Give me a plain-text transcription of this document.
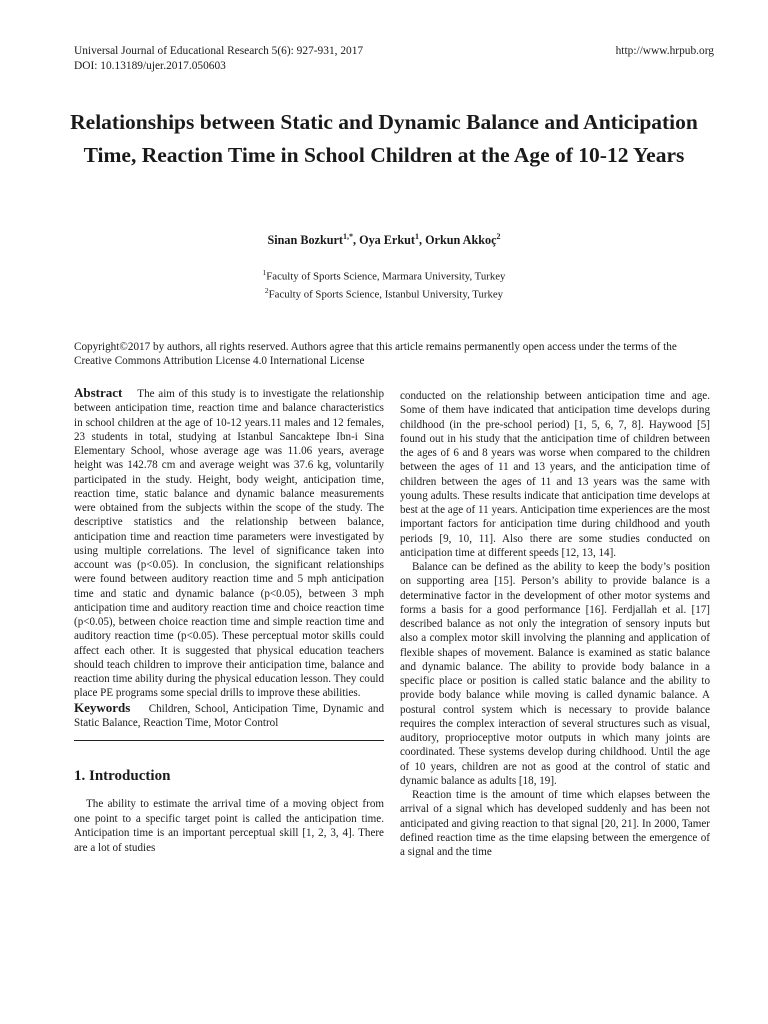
Universal Journal of Educational Research 5(6): 927-931, 2017
DOI: 10.13189/ujer.2017.050603
http://www.hrpub.org
Relationships between Static and Dynamic Balance and Anticipation Time, Reaction Time in School Children at the Age of 10-12 Years
Sinan Bozkurt$^{1,*}$, Oya Erkut$^1$, Orkun Akkoç$^2$
$^1$Faculty of Sports Science, Marmara University, Turkey
$^2$Faculty of Sports Science, Istanbul University, Turkey
Copyright©2017 by authors, all rights reserved. Authors agree that this article remains permanently open access under the terms of the Creative Commons Attribution License 4.0 International License

Abstract The aim of this study is to investigate the relationship between anticipation time, reaction time and balance characteristics in school children at the age of 10-12 years.11 males and 12 females, 23 students in total, studying at Istanbul Sancaktepe Ibn-i Sina Elementary School, whose average age was 11.06 years, average height was 142.78 cm and average weight was 37.6 kg, voluntarily participated in the study. Height, body weight, anticipation time, reaction time, static balance and dynamic balance measurements were obtained from the subjects within the scope of the study. The descriptive statistics and the relationship between balance, anticipation time and reaction time parameters were investigated by using multiple correlations. The level of significance taken into account was (p<0.05). In conclusion, the significant relationships were found between auditory reaction time and 5 mph anticipation time and static and dynamic balance (p<0.05), between 3 mph anticipation time and auditory reaction time and choice reaction time (p<0.05), between choice reaction time and simple reaction time and auditory reaction time (p<0.05). These perceptual motor skills could affect each other. It is suggested that physical education teachers should teach children to improve their anticipation time, balance and reaction time ability during the physical education lesson. They could place PE programs some special drills to improve these abilities.

Keywords Children, School, Anticipation Time, Dynamic and Static Balance, Reaction Time, Motor Control

1. Introduction

The ability to estimate the arrival time of a moving object from one point to a specific target point is called the anticipation time. Anticipation time is an important perceptual skill [1, 2, 3, 4]. There are a lot of studies

conducted on the relationship between anticipation time and age. Some of them have indicated that anticipation time develops during childhood (in the pre-school period) [1, 5, 6, 7, 8]. Haywood [5] found out in his study that the anticipation time of children between the ages of 6 and 8 years was worse when compared to the children between the ages of 11 and 13 years, and the anticipation time of children between the ages of 11 and 13 years was the same with young adults. These results indicate that anticipation time develops at best at the age of 11 years. Anticipation time experiences are the most important factors for anticipation time during childhood and youth periods [9, 10, 11]. Also there are some studies conducted on anticipation time at different speeds [12, 13, 14].

Balance can be defined as the ability to keep the body’s position on supporting area [15]. Person’s ability to provide balance is a determinative factor in the development of other motor systems and forms a basis for a good performance [16]. Ferdjallah et al. [17] described balance as not only the integration of sensory inputs but also a complex motor skill involving the planning and application of flexible shapes of movement. Balance is examined as static balance and dynamic balance. The ability to provide body balance in a specific place or position is called static balance and the ability to provide body balance while moving is called dynamic balance. A postural control system which is necessary to provide balance requires the complex interaction of several structures such as visual, auditory, proprioceptive motor outputs in which many joints are coordinated. These systems develop during childhood. Until the age of 10 years, children are not as good at the control of static and dynamic balance as adults [18, 19].

Reaction time is the amount of time which elapses between the arrival of a signal which has developed suddenly and has been not anticipated and giving reaction to that signal [20, 21]. In 2000, Tamer defined reaction time as the time elapsing between the emergence of a signal and the time
